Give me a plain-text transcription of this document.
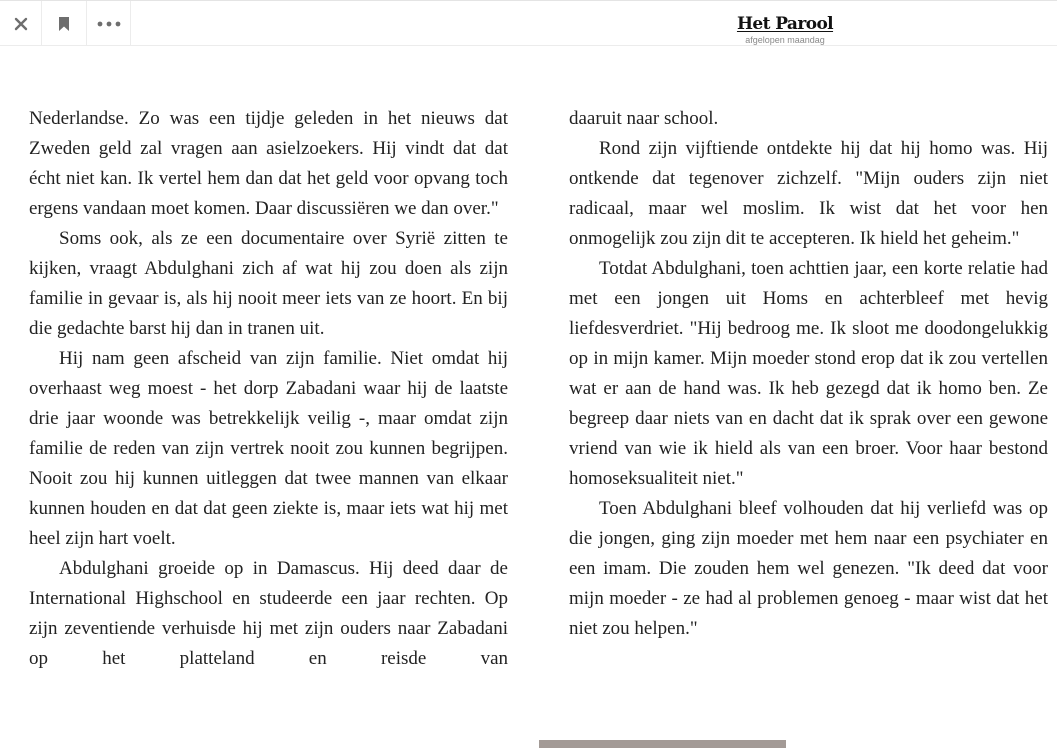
Het Parool
afgelopen maandag

Nederlandse. Zo was een tijdje geleden in het nieuws dat Zweden geld zal vragen aan asielzoekers. Hij vindt dat dat écht niet kan. Ik vertel hem dan dat het geld voor opvang toch ergens vandaan moet komen. Daar discussiëren we dan over."

Soms ook, als ze een documentaire over Syrië zitten te kijken, vraagt Abdulghani zich af wat hij zou doen als zijn familie in gevaar is, als hij nooit meer iets van ze hoort. En bij die gedachte barst hij dan in tranen uit.

Hij nam geen afscheid van zijn familie. Niet omdat hij overhaast weg moest - het dorp Zabadani waar hij de laatste drie jaar woonde was betrekkelijk veilig -, maar omdat zijn familie de reden van zijn vertrek nooit zou kunnen begrijpen. Nooit zou hij kunnen uitleggen dat twee mannen van elkaar kunnen houden en dat dat geen ziekte is, maar iets wat hij met heel zijn hart voelt.

Abdulghani groeide op in Damascus. Hij deed daar de International Highschool en studeerde een jaar rechten. Op zijn zeventiende verhuisde hij met zijn ouders naar Zabadani op het platteland en reisde van

daaruit naar school.

Rond zijn vijftiende ontdekte hij dat hij homo was. Hij ontkende dat tegenover zichzelf. "Mijn ouders zijn niet radicaal, maar wel moslim. Ik wist dat het voor hen onmogelijk zou zijn dit te accepteren. Ik hield het geheim."

Totdat Abdulghani, toen achttien jaar, een korte relatie had met een jongen uit Homs en achterbleef met hevig liefdesverdriet. "Hij bedroog me. Ik sloot me doodongelukkig op in mijn kamer. Mijn moeder stond erop dat ik zou vertellen wat er aan de hand was. Ik heb gezegd dat ik homo ben. Ze begreep daar niets van en dacht dat ik sprak over een gewone vriend van wie ik hield als van een broer. Voor haar bestond homoseksualiteit niet."

Toen Abdulghani bleef volhouden dat hij verliefd was op die jongen, ging zijn moeder met hem naar een psychiater en een imam. Die zouden hem wel genezen. "Ik deed dat voor mijn moeder - ze had al problemen genoeg - maar wist dat het niet zou helpen."
